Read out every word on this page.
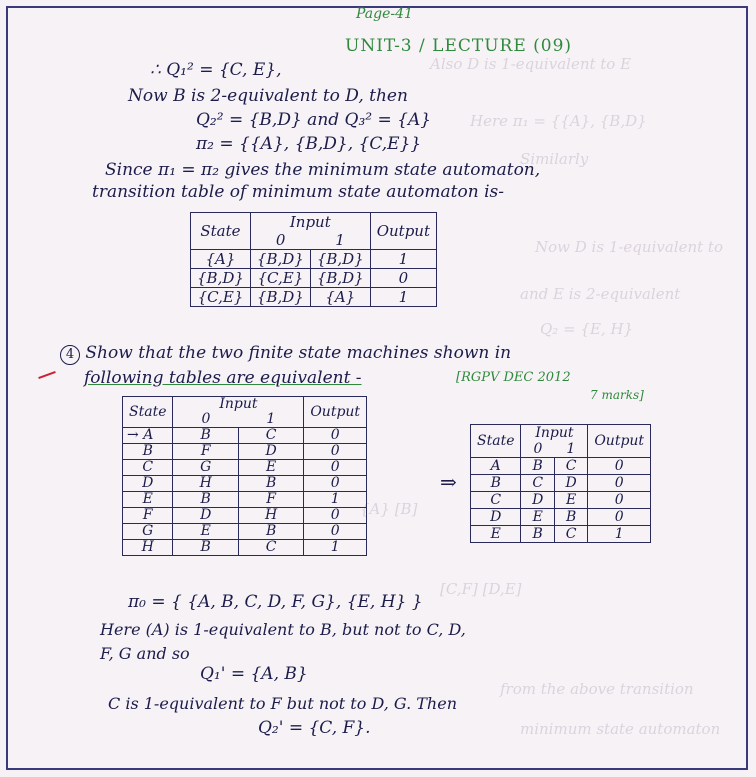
Also D is 1-equivalent to E
Here π₁ = {{A}, {B,D}
Similarly
Now D is 1-equivalent to
and E is 2-equivalent
Q₂ = {E, H}
{A} [B]
[C,F] [D,E]
from the above transition
minimum state automaton
Page-41
UNIT-3 / LECTURE (09)
∴ Q₁² = {C, E},
Now B is 2-equivalent to D, then
Q₂² = {B,D} and Q₃² = {A}
π₂ = {{A}, {B,D}, {C,E}}
Since π₁ = π₂ gives the minimum state automaton,
transition table of minimum state automaton is-
State	Input		Output
	0	1	
{A}	{B,D}	{B,D}	1
{B,D}	{C,E}	{B,D}	0
{C,E}	{B,D}	{A}	1
4 Show that the two finite state machines shown in
following tables are equivalent -	[RGPV DEC 2012
7 marks]
State	Input		Output
	0	1	
→ A	B	C	0
B	F	D	0
C	G	E	0
D	H	B	0
E	B	F	1
F	D	H	0
G	E	B	0
H	B	C	1
⇒
State	Input		Output
	0	1	
A	B	C	0
B	C	D	0
C	D	E	0
D	E	B	0
E	B	C	1
π₀ = { {A, B, C, D, F, G}, {E, H} }
Here (A) is 1-equivalent to B, but not to C, D,
F, G and so
Q₁' = {A, B}
C is 1-equivalent to F but not to D, G. Then
Q₂' = {C, F}.
